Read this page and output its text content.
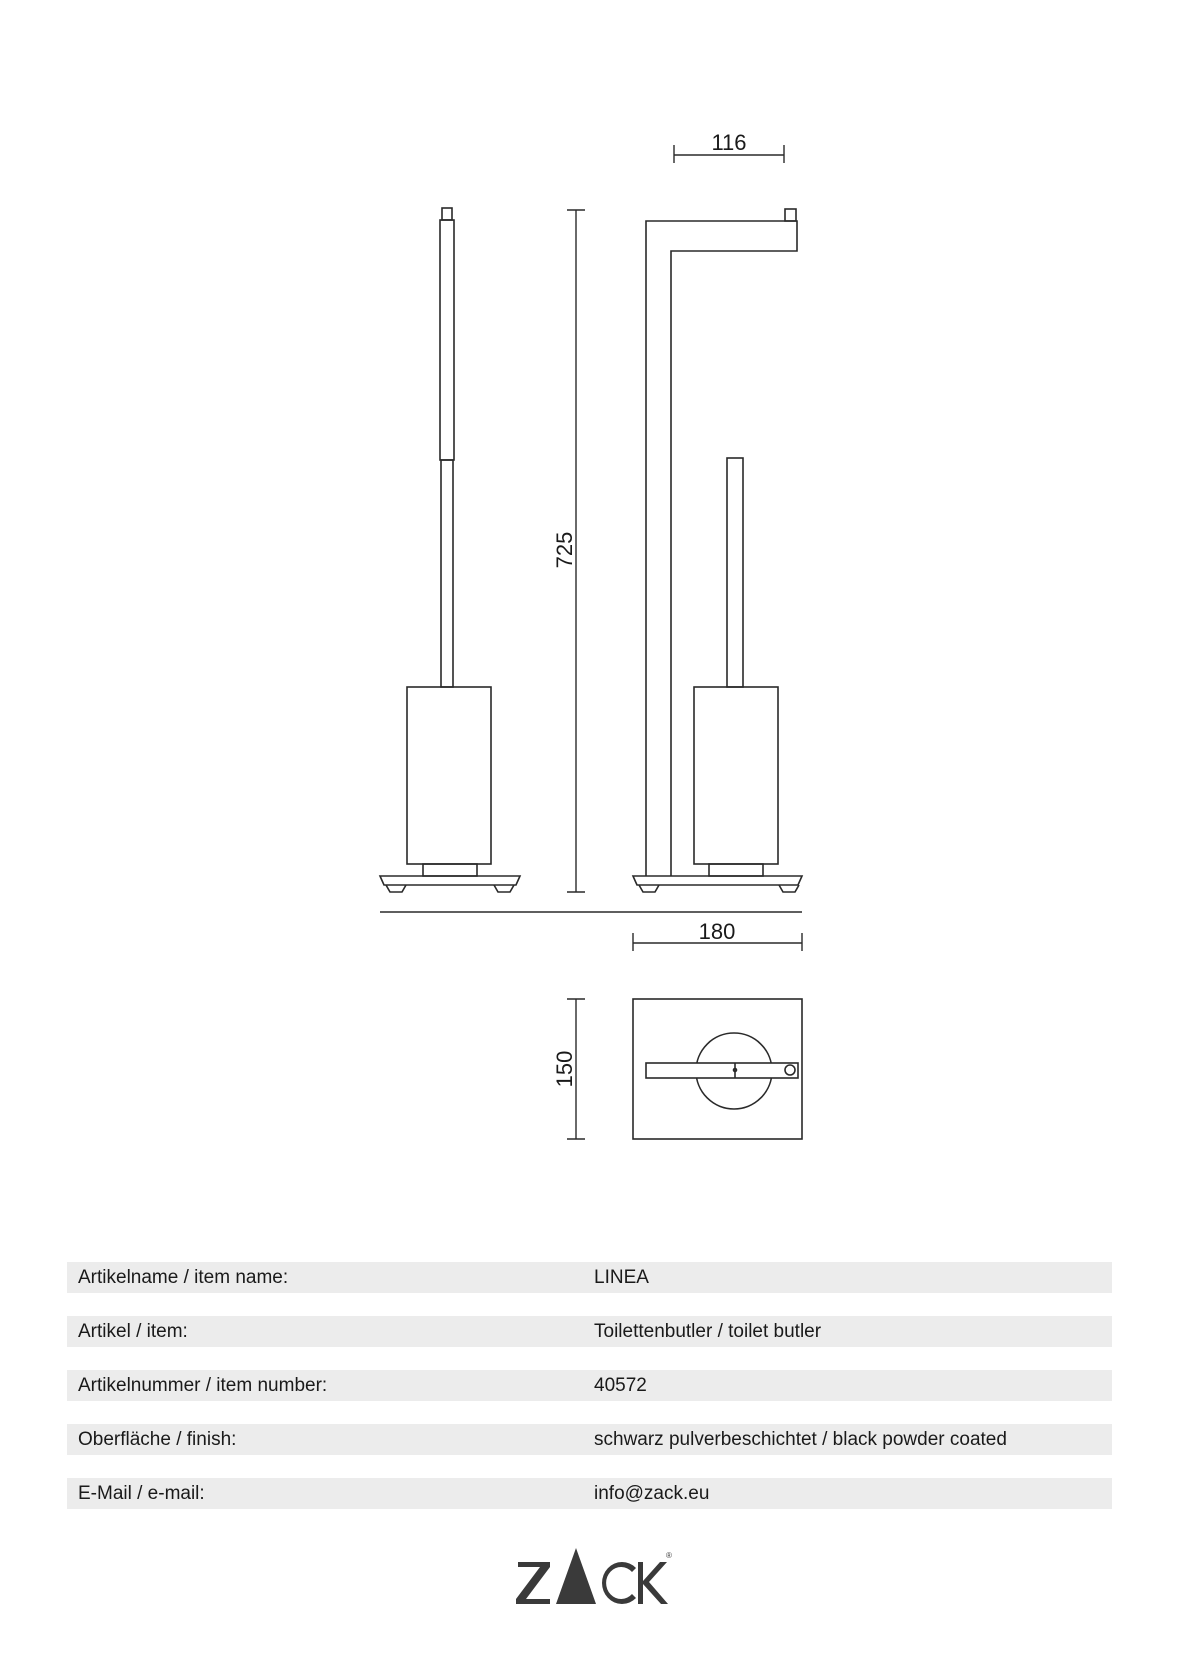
116
725
180
150
Artikelname / item name:	LINEA
Artikel / item:	Toilettenbutler / toilet butler
Artikelnummer / item number:	40572
Oberfläche / finish:	schwarz pulverbeschichtet / black powder coated
E-Mail / e-mail:	info@zack.eu
®
